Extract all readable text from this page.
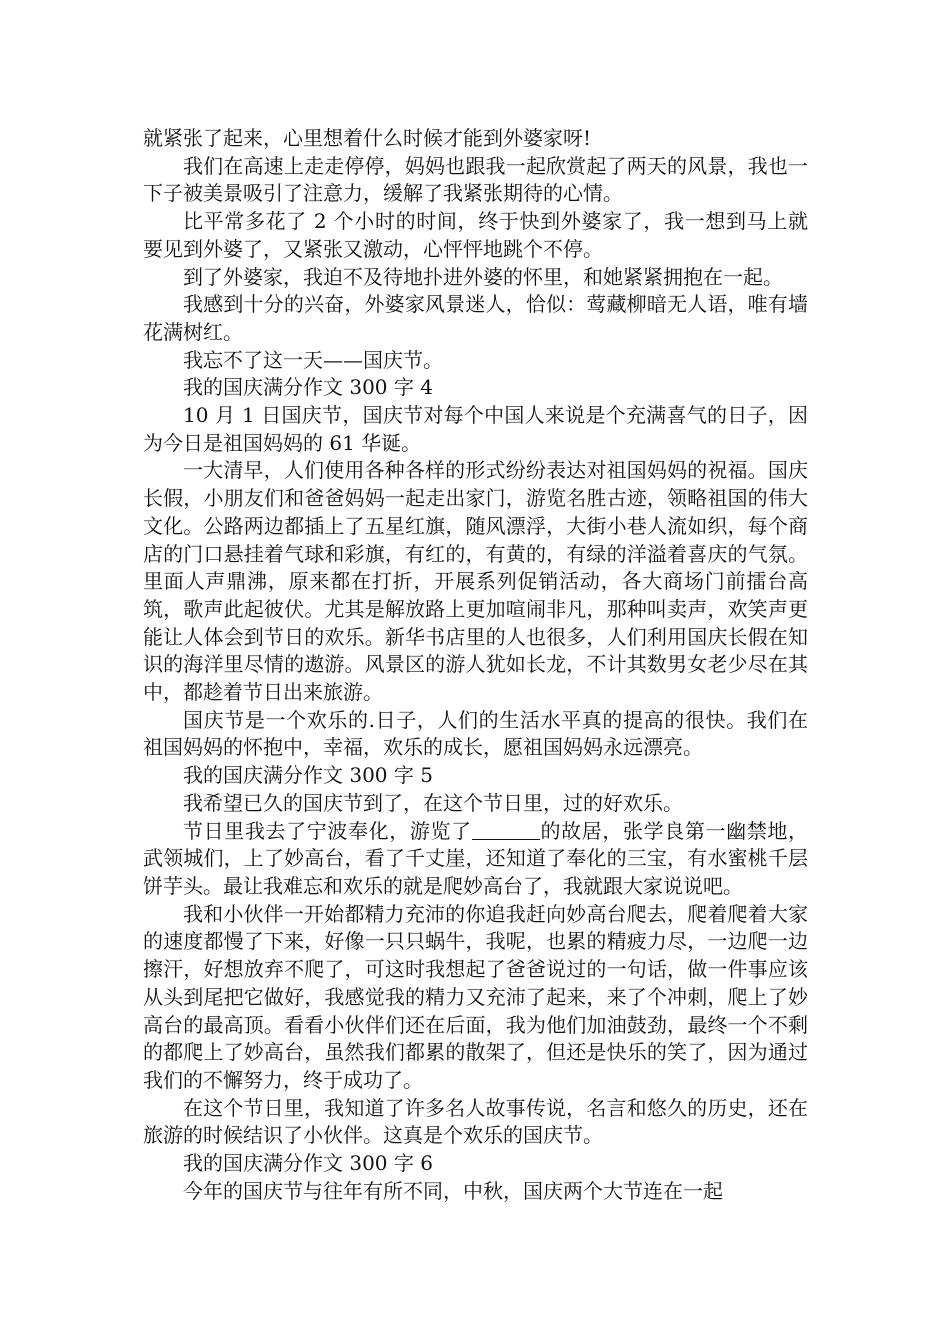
就紧张了起来，心里想着什么时候才能到外婆家呀!

我们在高速上走走停停，妈妈也跟我一起欣赏起了两天的风景，我也一下子被美景吸引了注意力，缓解了我紧张期待的心情。

比平常多花了 2 个小时的时间，终于快到外婆家了，我一想到马上就要见到外婆了，又紧张又激动，心怦怦地跳个不停。

到了外婆家，我迫不及待地扑进外婆的怀里，和她紧紧拥抱在一起。

我感到十分的兴奋，外婆家风景迷人，恰似：莺藏柳暗无人语，唯有墙花满树红。

我忘不了这一天——国庆节。

我的国庆满分作文 300 字 4

10 月 1 日国庆节，国庆节对每个中国人来说是个充满喜气的日子，因为今日是祖国妈妈的 61 华诞。

一大清早，人们使用各种各样的形式纷纷表达对祖国妈妈的祝福。国庆长假，小朋友们和爸爸妈妈一起走出家门，游览名胜古迹，领略祖国的伟大文化。公路两边都插上了五星红旗，随风漂浮，大街小巷人流如织，每个商店的门口悬挂着气球和彩旗，有红的，有黄的，有绿的洋溢着喜庆的气氛。里面人声鼎沸，原来都在打折，开展系列促销活动，各大商场门前擂台高筑，歌声此起彼伏。尤其是解放路上更加喧闹非凡，那种叫卖声，欢笑声更能让人体会到节日的欢乐。新华书店里的人也很多，人们利用国庆长假在知识的海洋里尽情的遨游。风景区的游人犹如长龙，不计其数男女老少尽在其中，都趁着节日出来旅游。

国庆节是一个欢乐的.日子，人们的生活水平真的提高的很快。我们在祖国妈妈的怀抱中，幸福，欢乐的成长，愿祖国妈妈永远漂亮。

我的国庆满分作文 300 字 5

我希望已久的国庆节到了，在这个节日里，过的好欢乐。

节日里我去了宁波奉化，游览了	的故居，张学良第一幽禁地，武领城们，上了妙高台，看了千丈崖，还知道了奉化的三宝，有水蜜桃千层饼芋头。最让我难忘和欢乐的就是爬妙高台了，我就跟大家说说吧。

我和小伙伴一开始都精力充沛的你追我赶向妙高台爬去，爬着爬着大家的速度都慢了下来，好像一只只蜗牛，我呢，也累的精疲力尽，一边爬一边擦汗，好想放弃不爬了，可这时我想起了爸爸说过的一句话，做一件事应该从头到尾把它做好，我感觉我的精力又充沛了起来，来了个冲刺，爬上了妙高台的最高顶。看看小伙伴们还在后面，我为他们加油鼓劲，最终一个不剩的都爬上了妙高台，虽然我们都累的散架了，但还是快乐的笑了，因为通过我们的不懈努力，终于成功了。

在这个节日里，我知道了许多名人故事传说，名言和悠久的历史，还在旅游的时候结识了小伙伴。这真是个欢乐的国庆节。

我的国庆满分作文 300 字 6

今年的国庆节与往年有所不同，中秋，国庆两个大节连在一起
